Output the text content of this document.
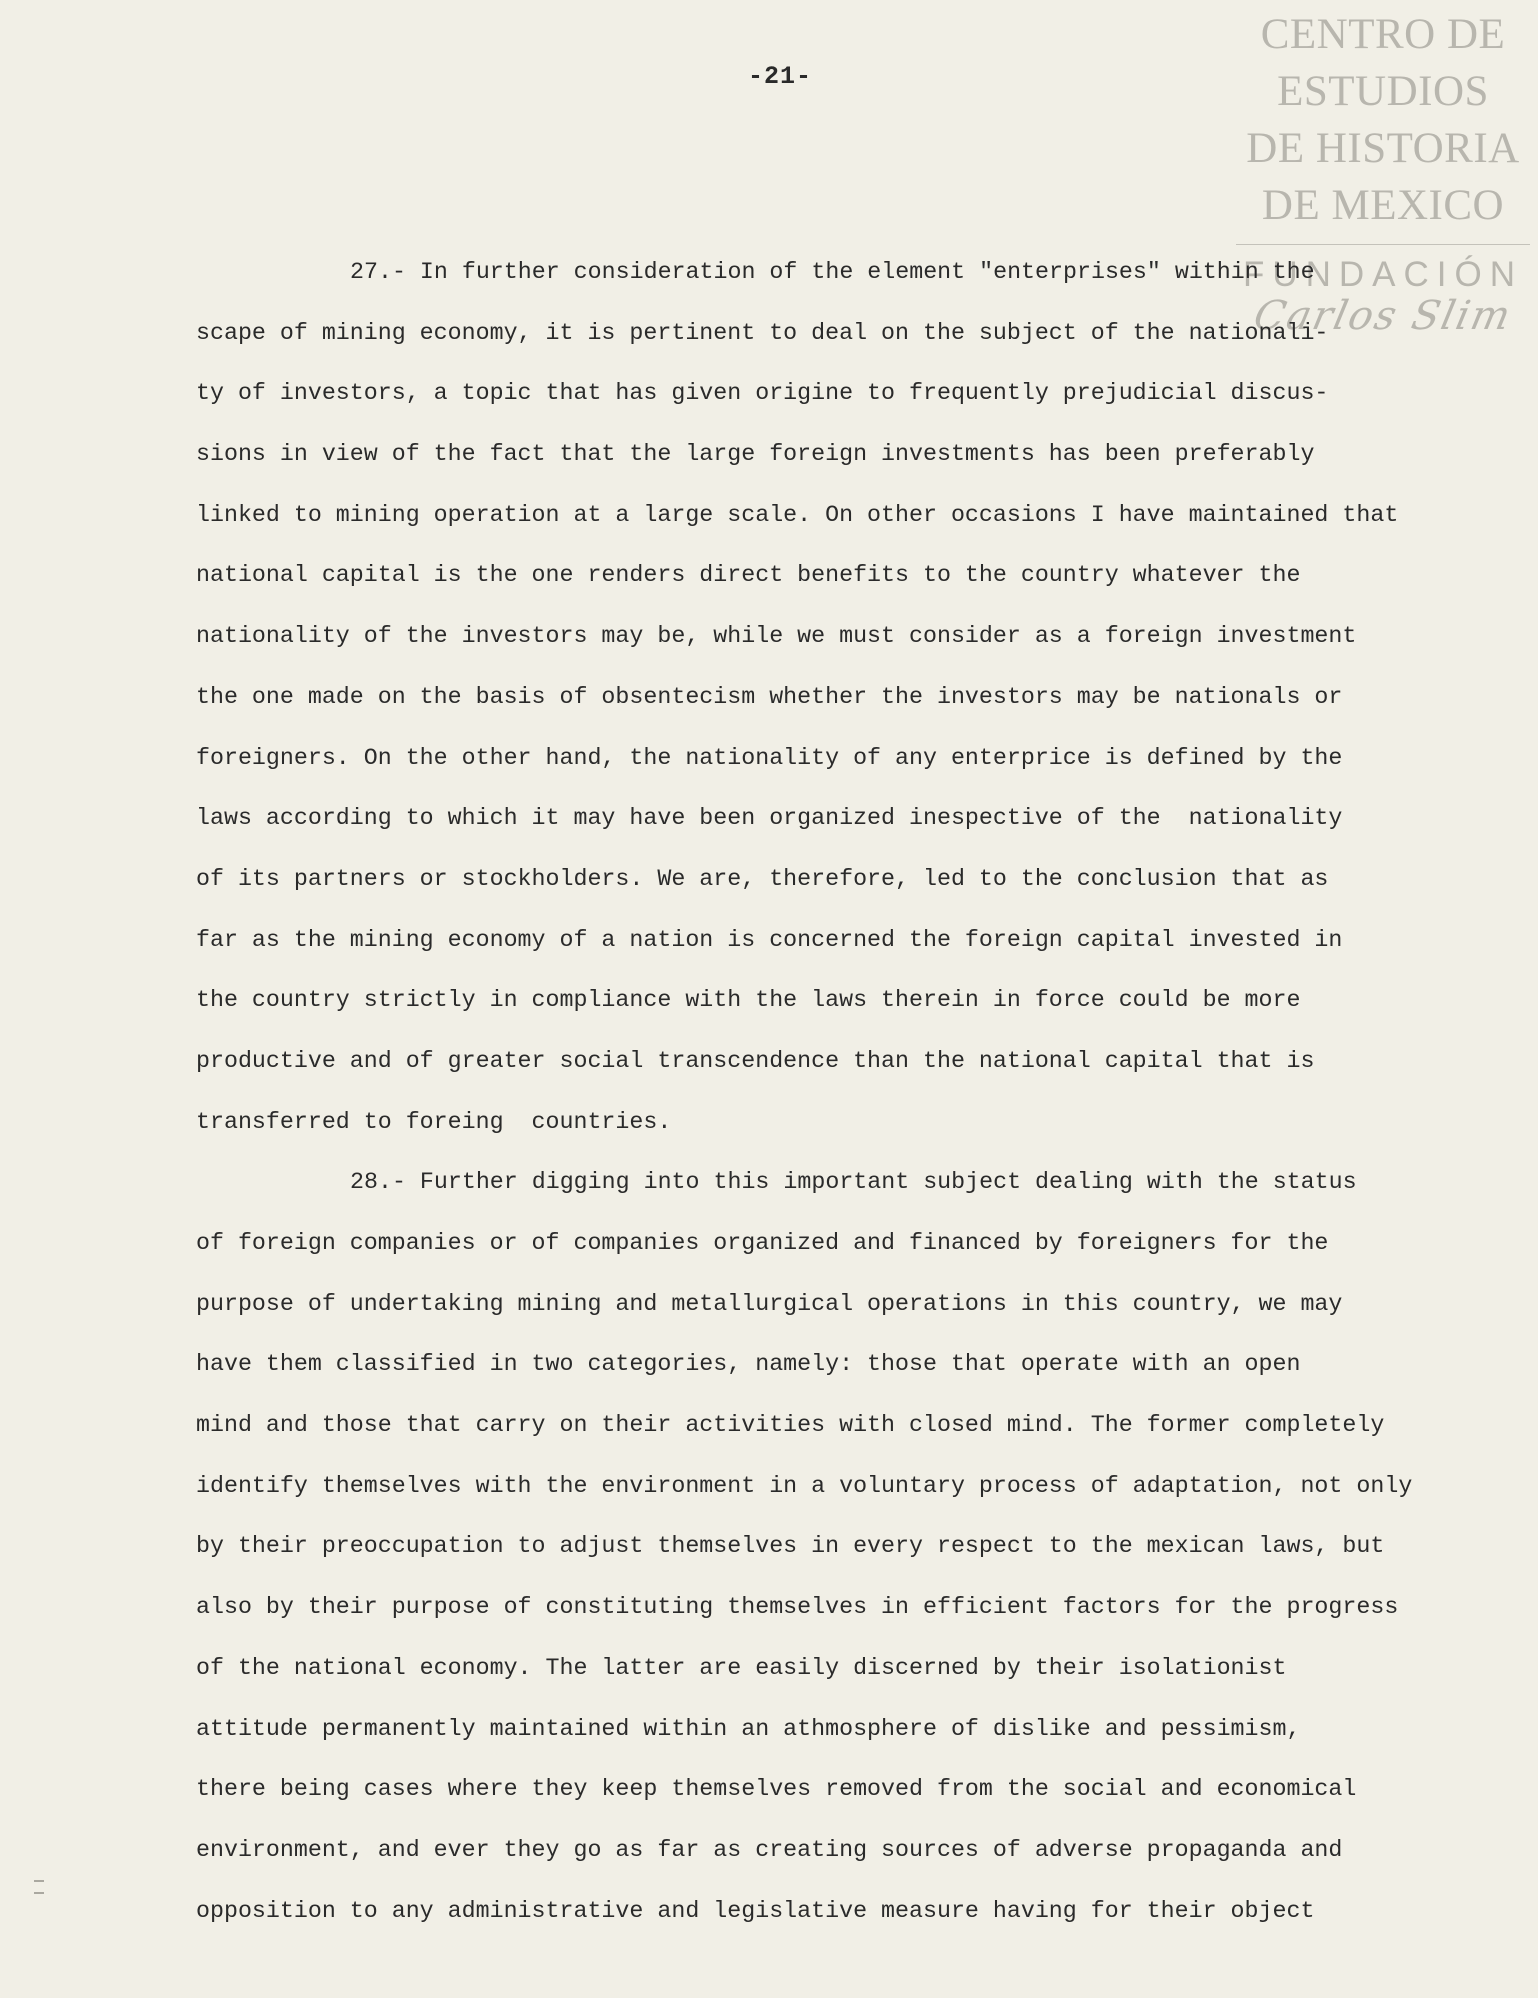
-21-
CENTRO DE
ESTUDIOS
DE HISTORIA
DE MEXICO
FUNDACIÓN
Carlos Slim
27.- In further consideration of the element "enterprises" within the
scape of mining economy, it is pertinent to deal on the subject of the nationali-
ty of investors, a topic that has given origine to frequently prejudicial discus-
sions in view of the fact that the large foreign investments has been preferably
linked to mining operation at a large scale. On other occasions I have maintained that
national capital is the one renders direct benefits to the country whatever the
nationality of the investors may be, while we must consider as a foreign investment
the one made on the basis of obsentecism whether the investors may be nationals or
foreigners. On the other hand, the nationality of any enterprice is defined by the
laws according to which it may have been organized inespective of the  nationality
of its partners or stockholders. We are, therefore, led to the conclusion that as
far as the mining economy of a nation is concerned the foreign capital invested in
the country strictly in compliance with the laws therein in force could be more
productive and of greater social transcendence than the national capital that is
transferred to foreing  countries.
28.- Further digging into this important subject dealing with the status
of foreign companies or of companies organized and financed by foreigners for the
purpose of undertaking mining and metallurgical operations in this country, we may
have them classified in two categories, namely: those that operate with an open
mind and those that carry on their activities with closed mind. The former completely
identify themselves with the environment in a voluntary process of adaptation, not only
by their preoccupation to adjust themselves in every respect to the mexican laws, but
also by their purpose of constituting themselves in efficient factors for the progress
of the national economy. The latter are easily discerned by their isolationist
attitude permanently maintained within an athmosphere of dislike and pessimism,
there being cases where they keep themselves removed from the social and economical
environment, and ever they go as far as creating sources of adverse propaganda and
opposition to any administrative and legislative measure having for their object
